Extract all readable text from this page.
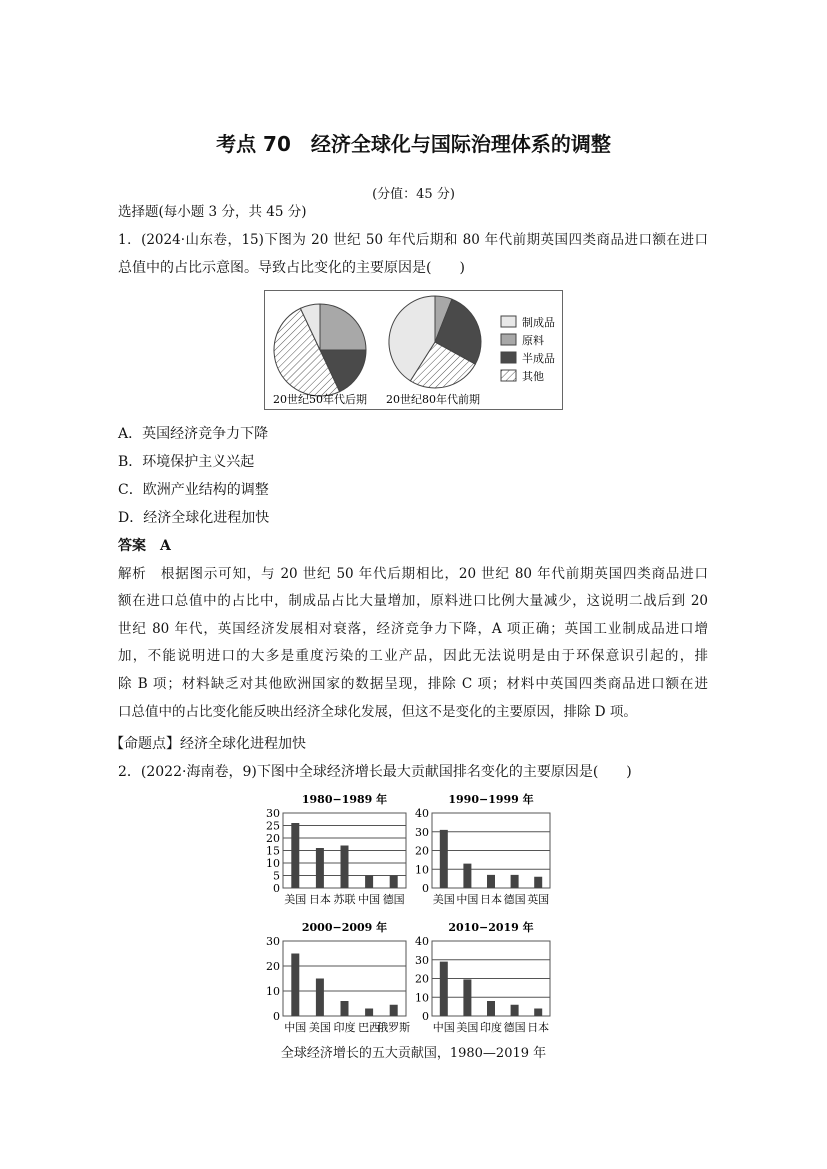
考点 70　经济全球化与国际治理体系的调整
(分值：45 分)
选择题(每小题 3 分，共 45 分)
1．(2024·山东卷，15)下图为 20 世纪 50 年代后期和 80 年代前期英国四类商品进口额在进口
总值中的占比示意图。导致占比变化的主要原因是(　　)
20世纪50年代后期 20世纪80年代前期
制成品
原料
半成品
其他
A．英国经济竞争力下降
B．环境保护主义兴起
C．欧洲产业结构的调整
D．经济全球化进程加快
答案　A
解析　根据图示可知，与 20 世纪 50 年代后期相比，20 世纪 80 年代前期英国四类商品进口
额在进口总值中的占比中，制成品占比大量增加，原料进口比例大量减少，这说明二战后到 20
世纪 80 年代，英国经济发展相对衰落，经济竞争力下降，A 项正确；英国工业制成品进口增
加，不能说明进口的大多是重度污染的工业产品，因此无法说明是由于环保意识引起的，排
除 B 项；材料缺乏对其他欧洲国家的数据呈现，排除 C 项；材料中英国四类商品进口额在进
口总值中的占比变化能反映出经济全球化发展，但这不是变化的主要原因，排除 D 项。
【命题点】经济全球化进程加快
2．(2022·海南卷，9)下图中全球经济增长最大贡献国排名变化的主要原因是(　　)
1980−1989 年
0
5
10
15
20
25
30
美国 日本 苏联 中国 德国
1990−1999 年
0
10
20
30
40
美国 中国 日本 德国 英国
2000−2009 年
0
10
20
30
中国 美国 印度 巴西
俄罗斯
2010−2019 年
0
10
20
30
40
中国 美国 印度 德国 日本
全球经济增长的五大贡献国，1980—2019 年
